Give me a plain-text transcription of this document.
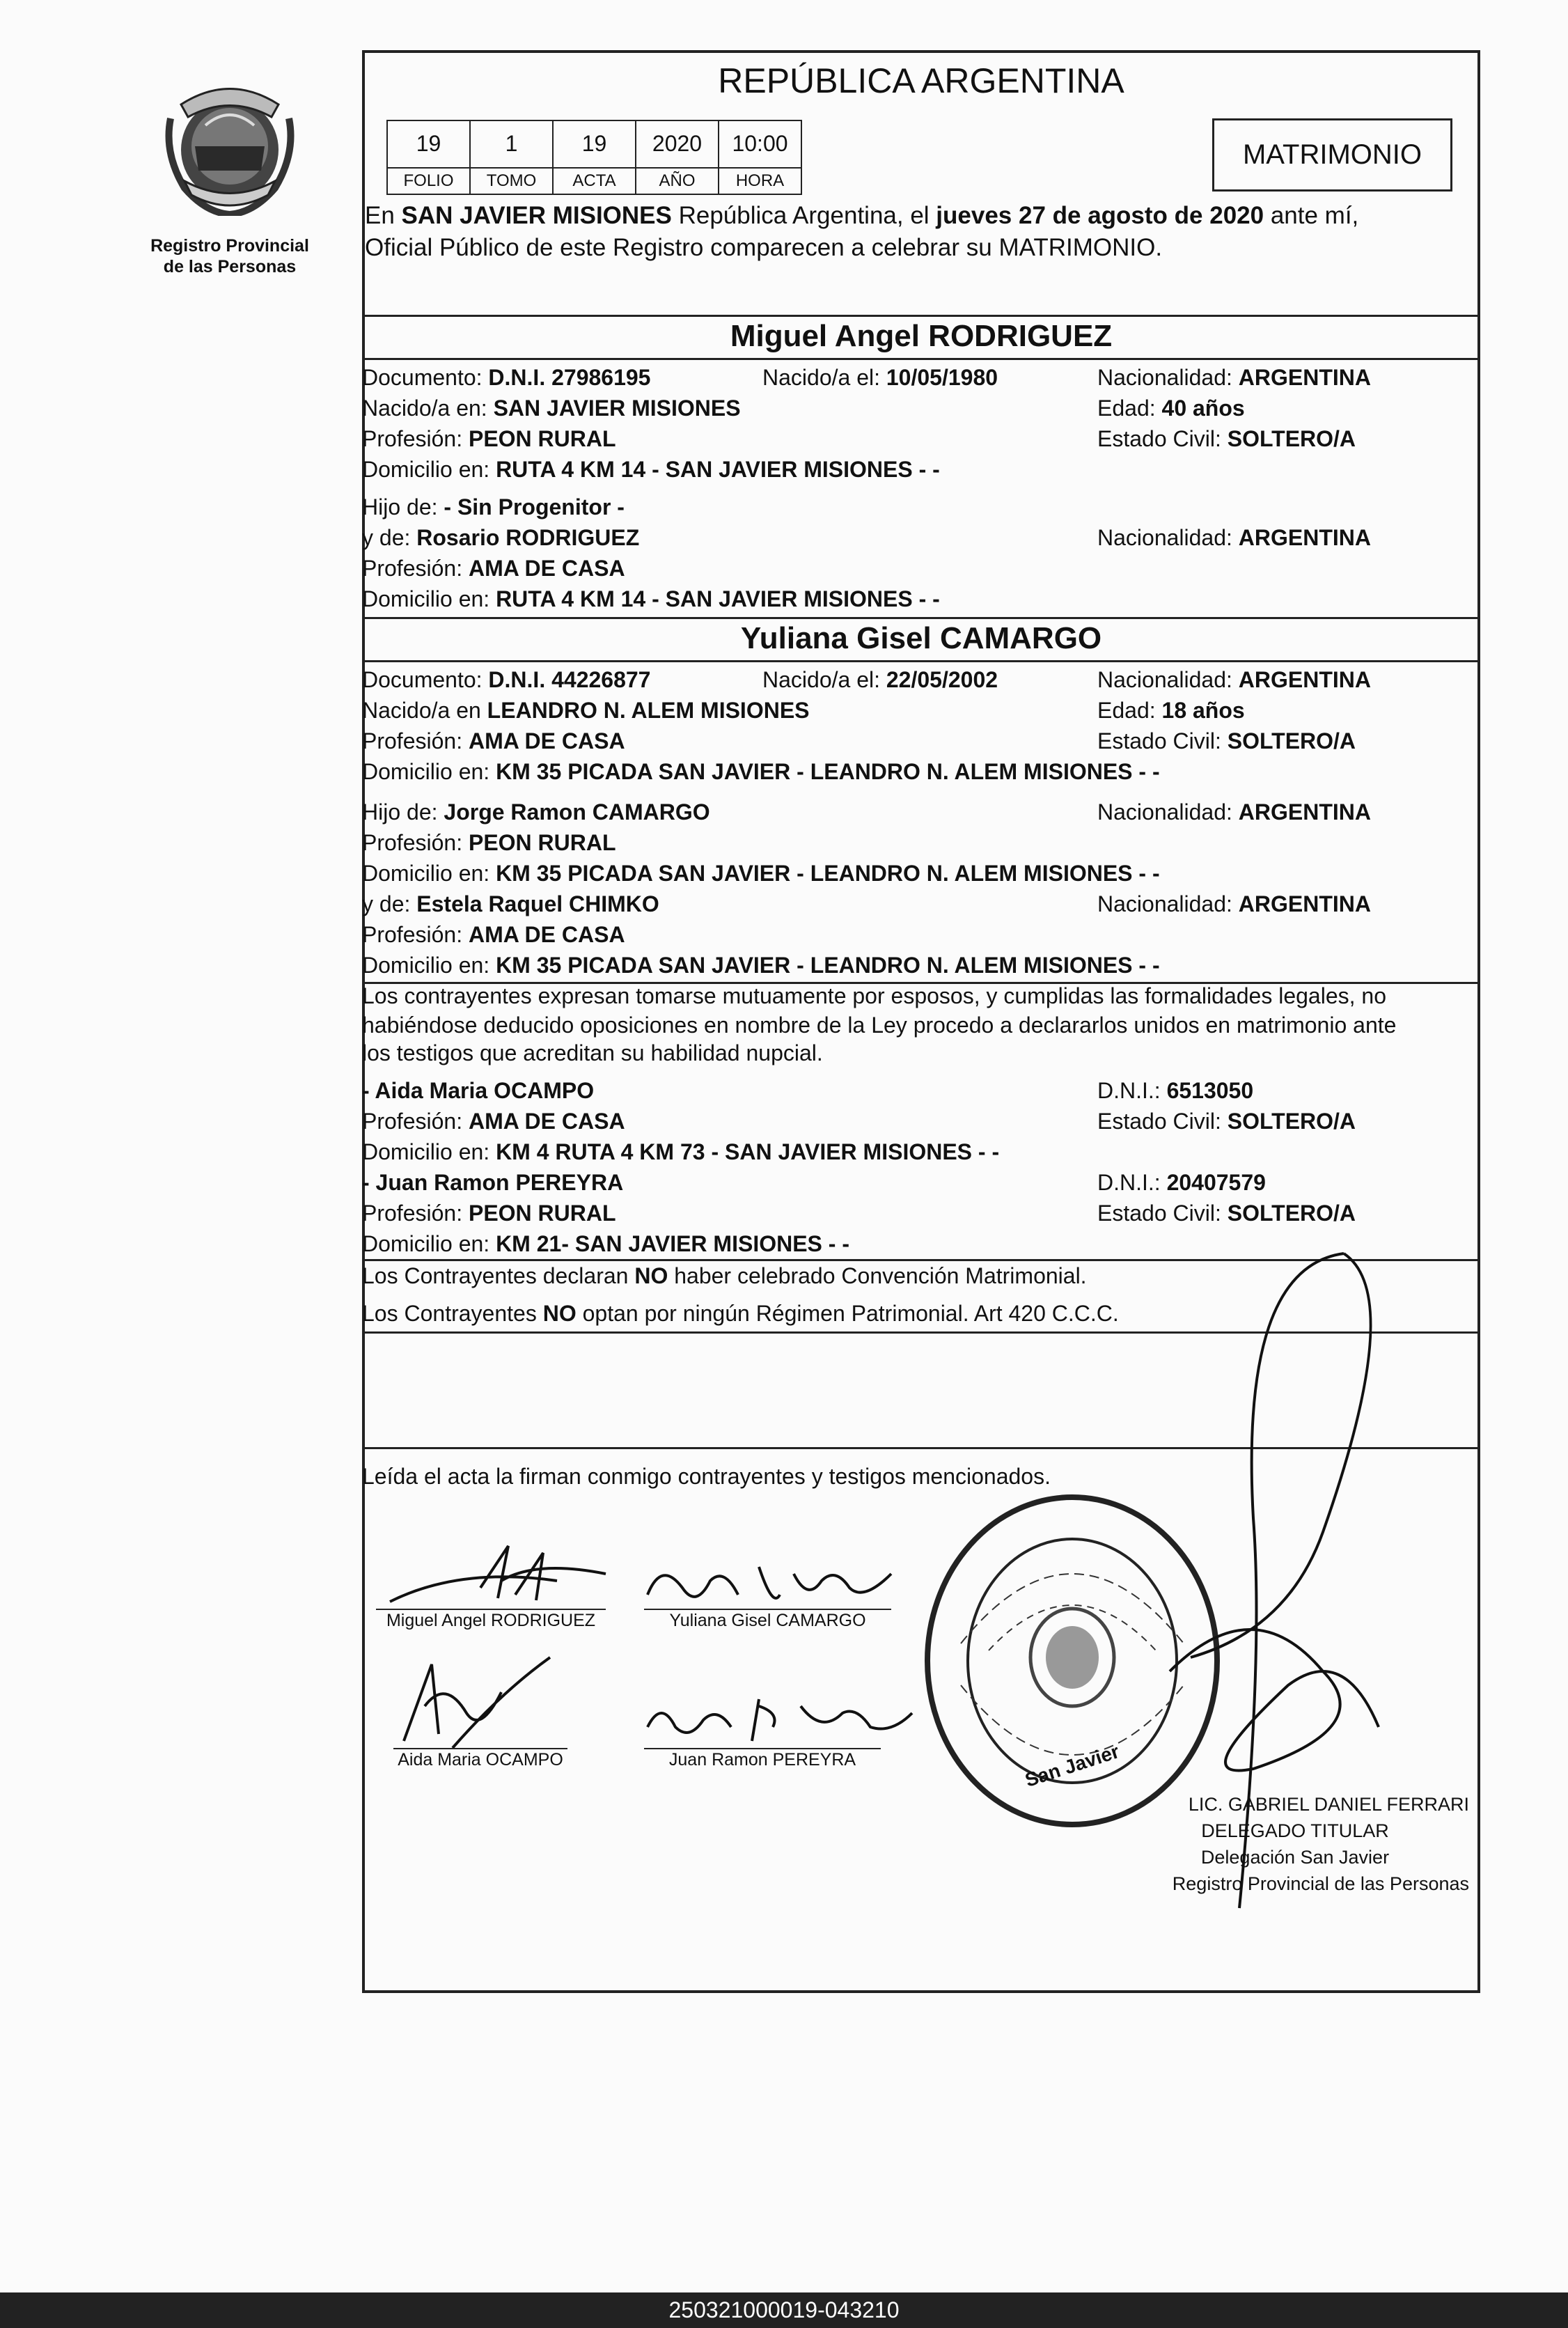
Registro Provincial
de las Personas
REPÚBLICA ARGENTINA
19	1	19	2020	10:00
FOLIO	TOMO	ACTA	AÑO	HORA
MATRIMONIO
En SAN JAVIER MISIONES República Argentina, el jueves 27 de agosto de 2020 ante mí,
Oficial Público de este Registro comparecen a celebrar su MATRIMONIO.
Miguel Angel RODRIGUEZ
Documento: D.N.I. 27986195	Nacido/a el: 10/05/1980	Nacionalidad: ARGENTINA
Nacido/a en: SAN JAVIER MISIONES	Edad: 40 años
Profesión: PEON RURAL	Estado Civil: SOLTERO/A
Domicilio en: RUTA 4 KM 14 - SAN JAVIER MISIONES - -
Hijo de: - Sin Progenitor -
y de: Rosario RODRIGUEZ	Nacionalidad: ARGENTINA
Profesión: AMA DE CASA
Domicilio en: RUTA 4 KM 14 - SAN JAVIER MISIONES - -
Yuliana Gisel CAMARGO
Documento: D.N.I. 44226877	Nacido/a el: 22/05/2002	Nacionalidad: ARGENTINA
Nacido/a en LEANDRO N. ALEM MISIONES	Edad: 18 años
Profesión: AMA DE CASA	Estado Civil: SOLTERO/A
Domicilio en: KM 35 PICADA SAN JAVIER - LEANDRO N. ALEM MISIONES - -
Hijo de: Jorge Ramon CAMARGO	Nacionalidad: ARGENTINA
Profesión: PEON RURAL
Domicilio en: KM 35 PICADA SAN JAVIER - LEANDRO N. ALEM MISIONES - -
y de: Estela Raquel CHIMKO	Nacionalidad: ARGENTINA
Profesión: AMA DE CASA
Domicilio en: KM 35 PICADA SAN JAVIER - LEANDRO N. ALEM MISIONES - -
Los contrayentes expresan tomarse mutuamente por esposos, y cumplidas las formalidades legales, no
habiéndose deducido oposiciones en nombre de la Ley procedo a declararlos unidos en matrimonio ante
los testigos que acreditan su habilidad nupcial.
- Aida Maria OCAMPO	D.N.I.: 6513050
Profesión: AMA DE CASA	Estado Civil: SOLTERO/A
Domicilio en: KM 4 RUTA 4 KM 73 - SAN JAVIER MISIONES - -
- Juan Ramon PEREYRA	D.N.I.: 20407579
Profesión: PEON RURAL	Estado Civil: SOLTERO/A
Domicilio en: KM 21- SAN JAVIER MISIONES - -
Los Contrayentes declaran NO haber celebrado Convención Matrimonial.
Los Contrayentes NO optan por ningún Régimen Patrimonial. Art 420 C.C.C.
Leída el acta la firman conmigo contrayentes y testigos mencionados.
Miguel Angel RODRIGUEZ	Yuliana Gisel CAMARGO
Aida Maria OCAMPO	Juan Ramon PEREYRA	San Javier
LIC. GABRIEL DANIEL FERRARI
DELEGADO TITULAR
Delegación San Javier
Registro Provincial de las Personas
250321000019-043210
